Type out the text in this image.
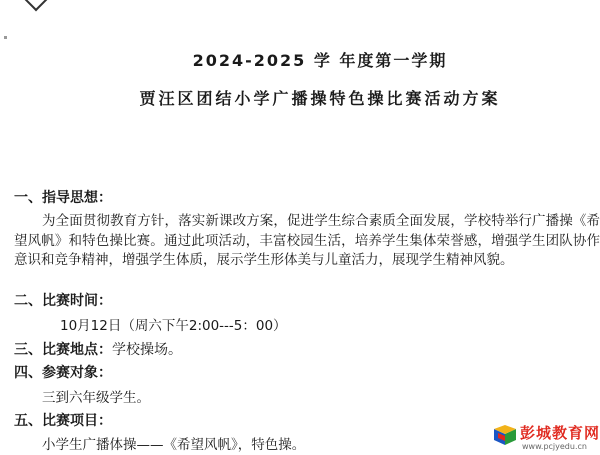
2024-2025 学 年度第一学期
贾汪区团结小学广播操特色操比赛活动方案
一、指导思想：
为全面贯彻教育方针，落实新课改方案，促进学生综合素质全面发展，学校特举行广播操《希望风帆》和特色操比赛。通过此项活动，丰富校园生活，培养学生集体荣誉感，增强学生团队协作意识和竞争精神，增强学生体质，展示学生形体美与儿童活力，展现学生精神风貌。
二、比赛时间：
10月12日（周六下午2:00---5：00）
三、比赛地点：学校操场。
四、参赛对象：
三到六年级学生。
五、比赛项目：
小学生广播体操——《希望风帆》，特色操。
彭城教育网
www.pcjyedu.cn
